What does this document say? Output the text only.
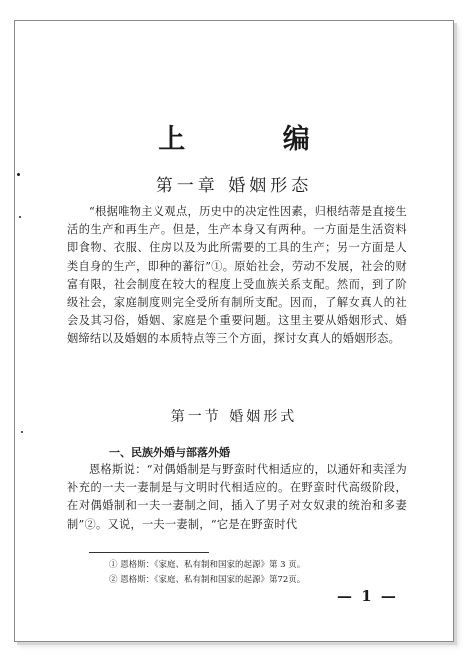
上 编
第一章 婚姻形态

“根据唯物主义观点，历史中的决定性因素，归根结蒂是直接生活的生产和再生产。但是，生产本身又有两种。一方面是生活资料即食物、衣服、住房以及为此所需要的工具的生产；另一方面是人类自身的生产，即种的蕃衍”①。原始社会，劳动不发展，社会的财富有限，社会制度在较大的程度上受血族关系支配。然而，到了阶级社会，家庭制度则完全受所有制所支配。因而，了解女真人的社会及其习俗，婚姻、家庭是个重要问题。这里主要从婚姻形式、婚姻缔结以及婚姻的本质特点等三个方面，探讨女真人的婚姻形态。

第一节 婚姻形式
一、民族外婚与部落外婚

恩格斯说：“对偶婚制是与野蛮时代相适应的，以通奸和卖淫为补充的一夫一妻制是与文明时代相适应的。在野蛮时代高级阶段，在对偶婚制和一夫一妻制之间，插入了男子对女奴隶的统治和多妻制”②。又说，一夫一妻制，“它是在野蛮时代

① 恩格斯：《家庭、私有制和国家的起源》第 3 页。
② 恩格斯：《家庭、私有制和国家的起源》第72页。
— 1 —
